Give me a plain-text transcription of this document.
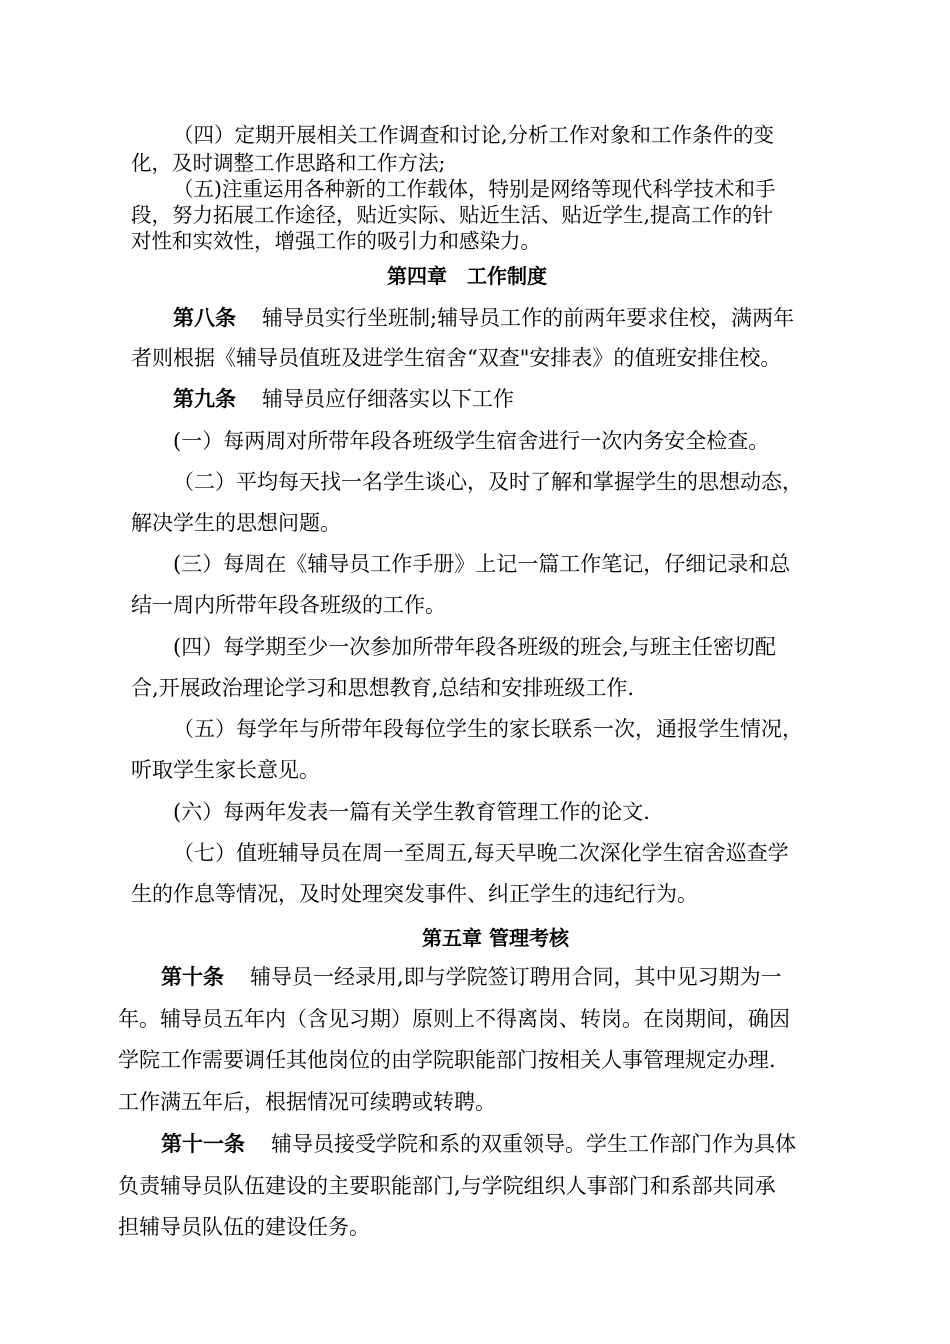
（四）定期开展相关工作调查和讨论,分析工作对象和工作条件的变
化，及时调整工作思路和工作方法;
（五)注重运用各种新的工作载体，特别是网络等现代科学技术和手
段，努力拓展工作途径，贴近实际、贴近生活、贴近学生,提高工作的针
对性和实效性，增强工作的吸引力和感染力。
第四章　工作制度
第八条 辅导员实行坐班制;辅导员工作的前两年要求住校，满两年
者则根据《辅导员值班及进学生宿舍“双查"安排表》的值班安排住校。
第九条 辅导员应仔细落实以下工作
(一）每两周对所带年段各班级学生宿舍进行一次内务安全检查。
（二）平均每天找一名学生谈心，及时了解和掌握学生的思想动态，
解决学生的思想问题。
(三）每周在《辅导员工作手册》上记一篇工作笔记，仔细记录和总
结一周内所带年段各班级的工作。
(四）每学期至少一次参加所带年段各班级的班会,与班主任密切配
合,开展政治理论学习和思想教育,总结和安排班级工作.
（五）每学年与所带年段每位学生的家长联系一次，通报学生情况，
听取学生家长意见。
(六）每两年发表一篇有关学生教育管理工作的论文.
（七）值班辅导员在周一至周五,每天早晚二次深化学生宿舍巡查学
生的作息等情况，及时处理突发事件、纠正学生的违纪行为。
第五章 管理考核
第十条 辅导员一经录用,即与学院签订聘用合同，其中见习期为一
年。辅导员五年内（含见习期）原则上不得离岗、转岗。在岗期间，确因
学院工作需要调任其他岗位的由学院职能部门按相关人事管理规定办理.
工作满五年后，根据情况可续聘或转聘。
第十一条 辅导员接受学院和系的双重领导。学生工作部门作为具体
负责辅导员队伍建设的主要职能部门,与学院组织人事部门和系部共同承
担辅导员队伍的建设任务。
